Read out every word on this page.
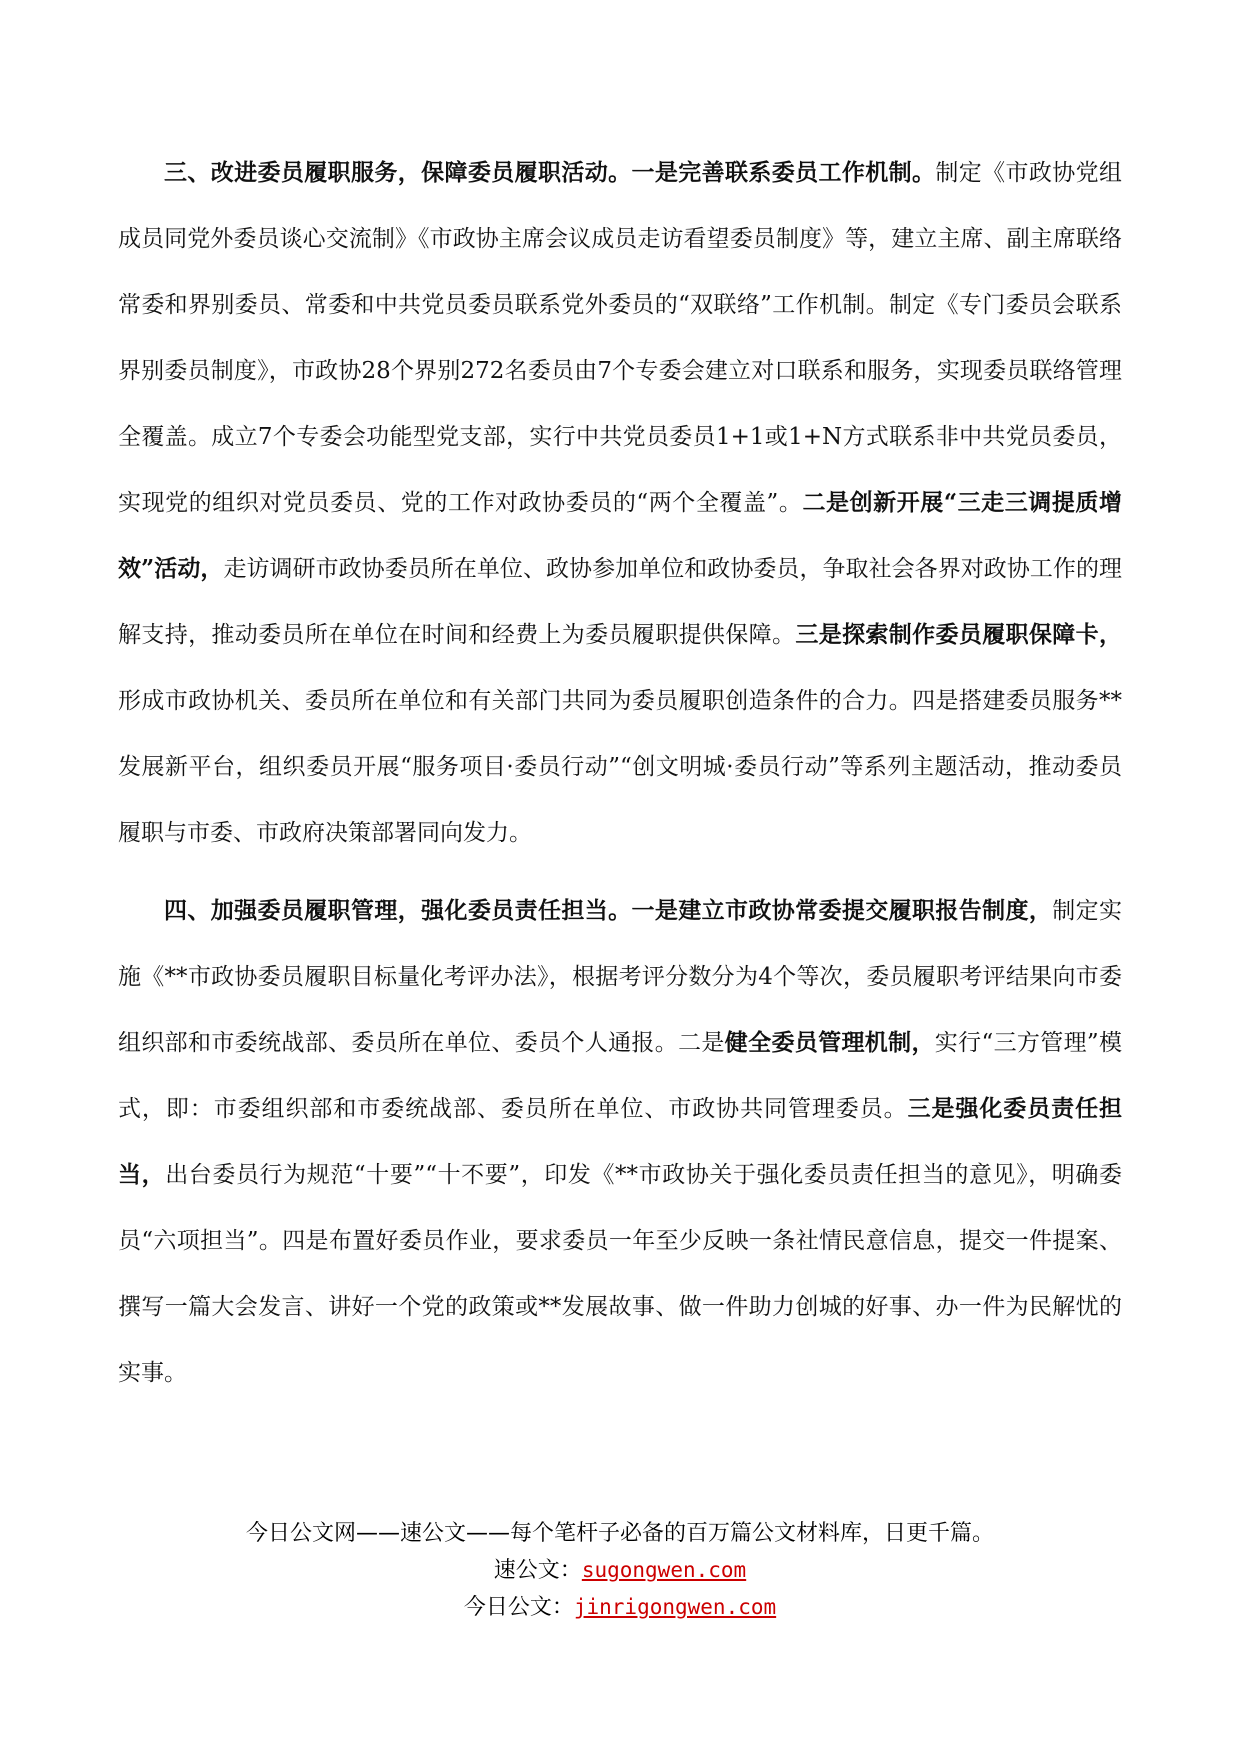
三、改进委员履职服务，保障委员履职活动。一是完善联系委员工作机制。制定《市政协党组成员同党外委员谈心交流制》《市政协主席会议成员走访看望委员制度》等，建立主席、副主席联络常委和界别委员、常委和中共党员委员联系党外委员的“双联络”工作机制。制定《专门委员会联系界别委员制度》，市政协28个界别272名委员由7个专委会建立对口联系和服务，实现委员联络管理全覆盖。成立7个专委会功能型党支部，实行中共党员委员1+1或1+N方式联系非中共党员委员，实现党的组织对党员委员、党的工作对政协委员的“两个全覆盖”。二是创新开展“三走三调提质增效”活动，走访调研市政协委员所在单位、政协参加单位和政协委员，争取社会各界对政协工作的理解支持，推动委员所在单位在时间和经费上为委员履职提供保障。三是探索制作委员履职保障卡，形成市政协机关、委员所在单位和有关部门共同为委员履职创造条件的合力。四是搭建委员服务**发展新平台，组织委员开展“服务项目·委员行动”“创文明城·委员行动”等系列主题活动，推动委员履职与市委、市政府决策部署同向发力。

四、加强委员履职管理，强化委员责任担当。一是建立市政协常委提交履职报告制度，制定实施《**市政协委员履职目标量化考评办法》，根据考评分数分为4个等次，委员履职考评结果向市委组织部和市委统战部、委员所在单位、委员个人通报。二是健全委员管理机制，实行“三方管理”模式，即：市委组织部和市委统战部、委员所在单位、市政协共同管理委员。三是强化委员责任担当，出台委员行为规范“十要”“十不要”，印发《**市政协关于强化委员责任担当的意见》，明确委员“六项担当”。四是布置好委员作业，要求委员一年至少反映一条社情民意信息，提交一件提案、撰写一篇大会发言、讲好一个党的政策或**发展故事、做一件助力创城的好事、办一件为民解忧的实事。

今日公文网——速公文——每个笔杆子必备的百万篇公文材料库，日更千篇。
速公文：sugongwen.com
今日公文：jinrigongwen.com
